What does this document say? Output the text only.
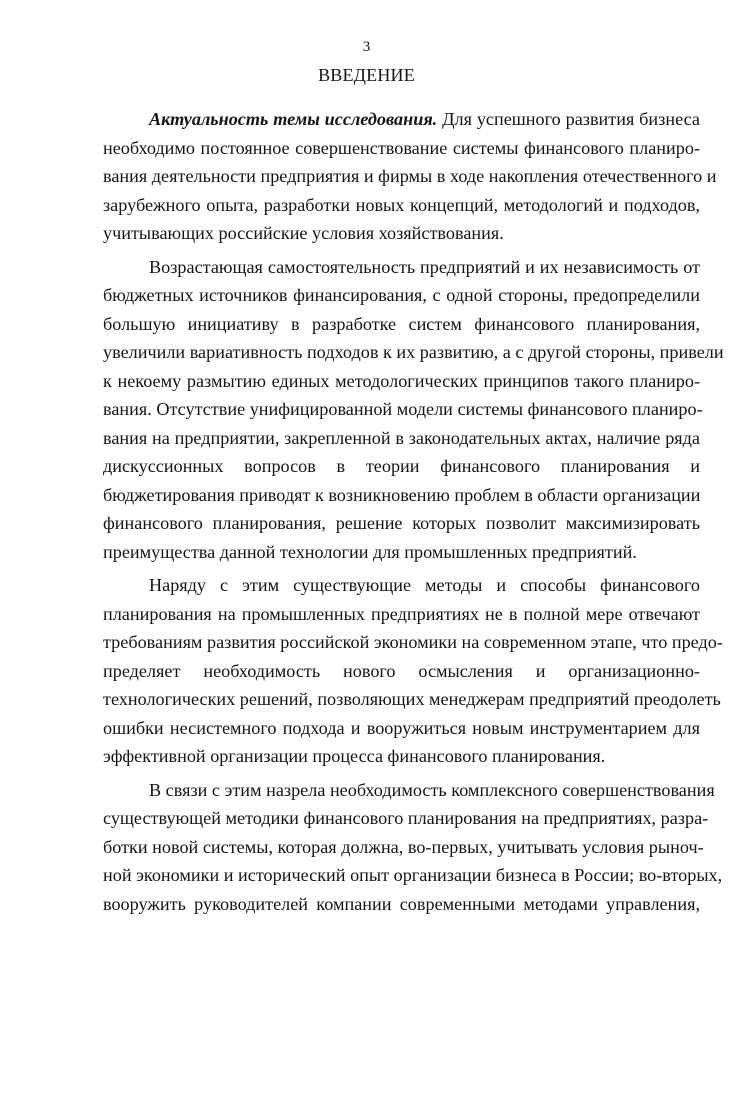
3
ВВЕДЕНИЕ
Актуальность темы исследования. Для успешного развития бизнеса
необходимо постоянное совершенствование системы финансового планиро-
вания деятельности предприятия и фирмы в ходе накопления отечественного и
зарубежного опыта, разработки новых концепций, методологий и подходов,
учитывающих российские условия хозяйствования.
Возрастающая самостоятельность предприятий и их независимость от
бюджетных источников финансирования, с одной стороны, предопределили
большую инициативу в разработке систем финансового планирования,
увеличили вариативность подходов к их развитию, а с другой стороны, привели
к некоему размытию единых методологических принципов такого планиро-
вания. Отсутствие унифицированной модели системы финансового планиро-
вания на предприятии, закрепленной в законодательных актах, наличие ряда
дискуссионных вопросов в теории финансового планирования и
бюджетирования приводят к возникновению проблем в области организации
финансового планирования, решение которых позволит максимизировать
преимущества данной технологии для промышленных предприятий.
Наряду с этим существующие методы и способы финансового
планирования на промышленных предприятиях не в полной мере отвечают
требованиям развития российской экономики на современном этапе, что предо-
пределяет необходимость нового осмысления и организационно-
технологических решений, позволяющих менеджерам предприятий преодолеть
ошибки несистемного подхода и вооружиться новым инструментарием для
эффективной организации процесса финансового планирования.
В связи с этим назрела необходимость комплексного совершенствования
существующей методики финансового планирования на предприятиях, разра-
ботки новой системы, которая должна, во-первых, учитывать условия рыноч-
ной экономики и исторический опыт организации бизнеса в России; во-вторых,
вооружить руководителей компании современными методами управления,
